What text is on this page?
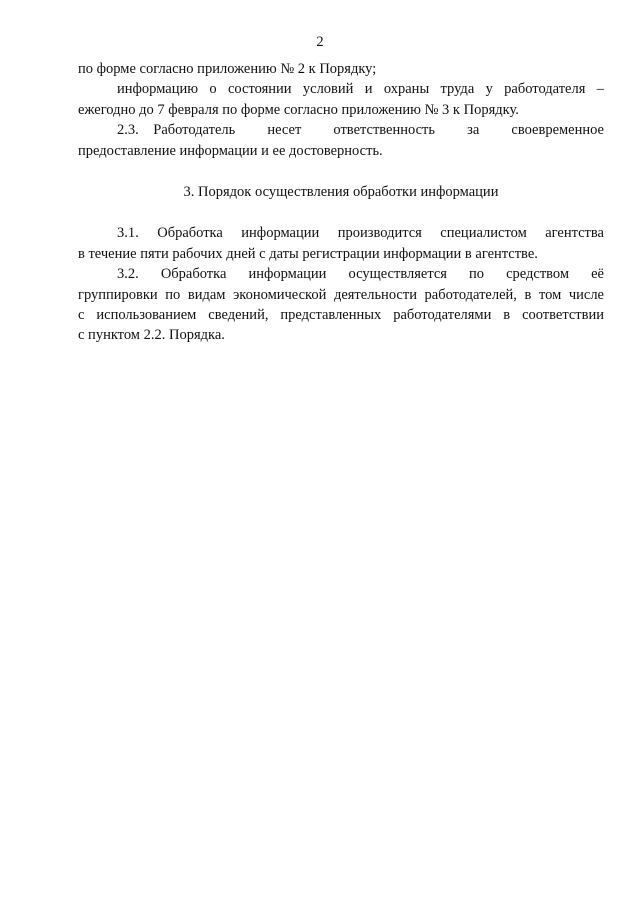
2
по форме согласно приложению № 2 к Порядку;
информацию о состоянии условий и охраны труда у работодателя –
ежегодно до 7 февраля по форме согласно приложению № 3 к Порядку.
2.3. Работодатель несет ответственность за своевременное
предоставление информации и ее достоверность.
3. Порядок осуществления обработки информации
3.1. Обработка информации производится специалистом агентства
в течение пяти рабочих дней с даты регистрации информации в агентстве.
3.2. Обработка информации осуществляется по средством её
группировки по видам экономической деятельности работодателей, в том числе
с использованием сведений, представленных работодателями в соответствии
с пунктом 2.2. Порядка.
